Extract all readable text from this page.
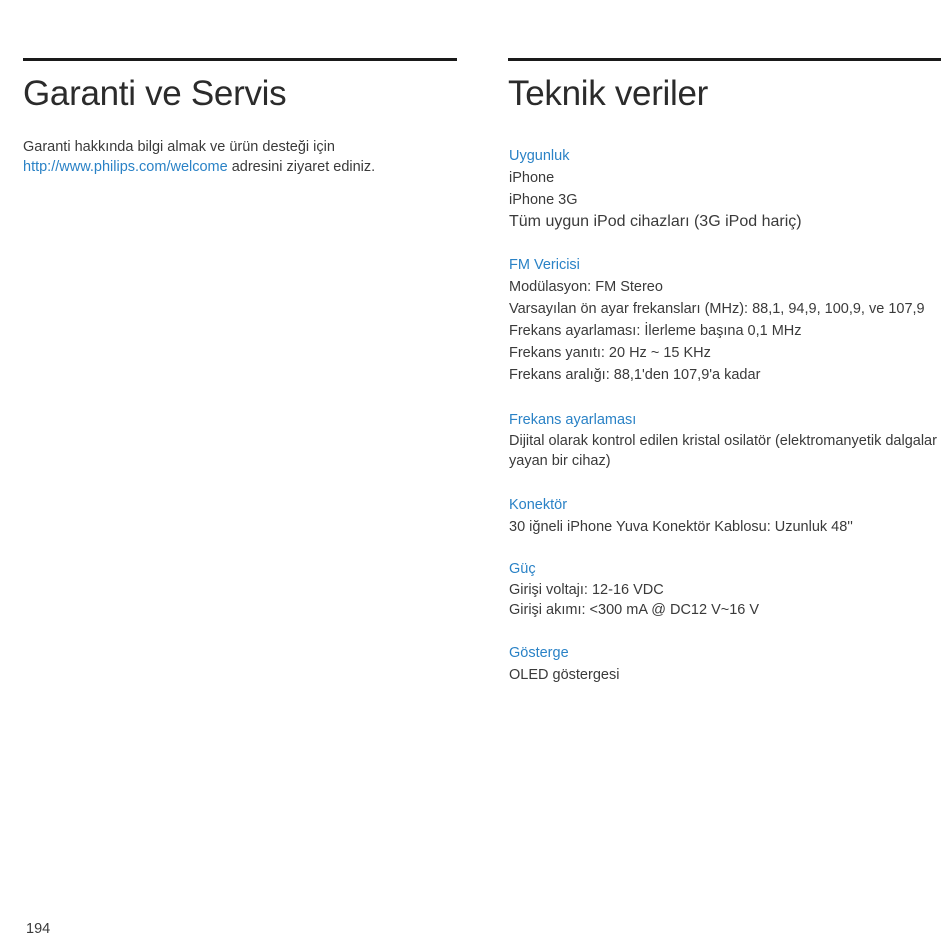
Garanti ve Servis
Garanti hakkında bilgi almak ve ürün desteği için
http://www.philips.com/welcome adresini ziyaret ediniz.
Teknik veriler

Uygunluk

iPhone

iPhone 3G

Tüm uygun iPod cihazları (3G iPod hariç)

FM Vericisi

Modülasyon: FM Stereo

Varsayılan ön ayar frekansları (MHz): 88,1, 94,9, 100,9, ve 107,9

Frekans ayarlaması: İlerleme başına 0,1 MHz

Frekans yanıtı: 20 Hz ~ 15 KHz

Frekans aralığı: 88,1'den 107,9'a kadar

Frekans ayarlaması

Dijital olarak kontrol edilen kristal osilatör (elektromanyetik dalgalar yayan bir cihaz)

Konektör

30 iğneli iPhone Yuva Konektör Kablosu: Uzunluk 48''

Güç

Girişi voltajı: 12-16 VDC

Girişi akımı: <300 mA @ DC12 V~16 V

Gösterge

OLED göstergesi

194
